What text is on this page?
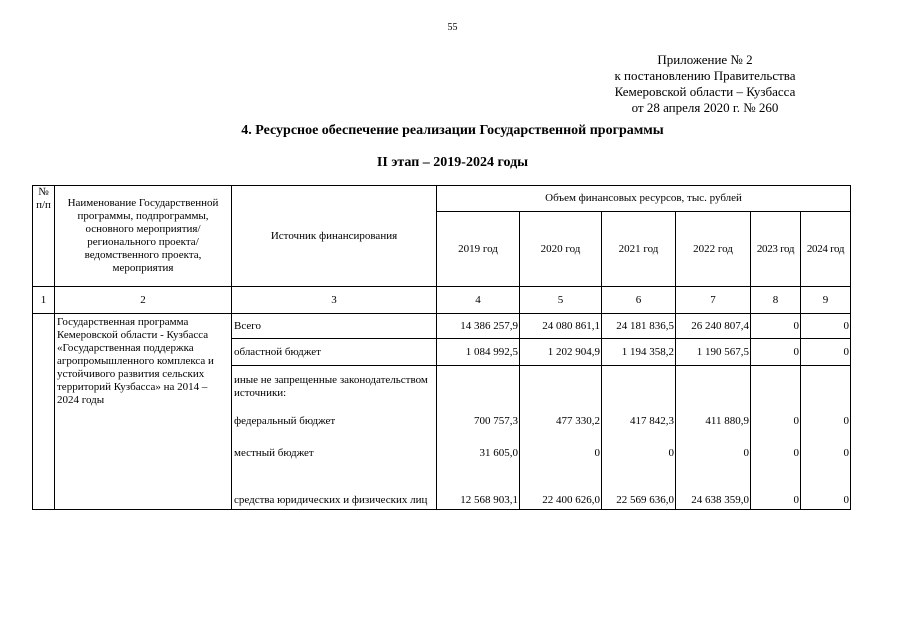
55
Приложение № 2
к постановлению Правительства
Кемеровской области – Кузбасса
от 28 апреля 2020 г. № 260
4. Ресурсное обеспечение реализации Государственной программы
II этап – 2019-2024 годы
№ п/п	Наименование Государственной программы, подпрограммы, основного мероприятия/регионального проекта/ведомственного проекта, мероприятия	Источник финансирования	Объем финансовых ресурсов, тыс. рублей					
			2019 год	2020 год	2021 год	2022 год	2023 год	2024 год
1	2	3	4	5	6	7	8	9
	Государственная программа Кемеровской области - Кузбасса «Государственная поддержка агропромышленного комплекса и устойчивого развития сельских территорий Кузбасса» на 2014 – 2024 годы	Всего	14 386 257,9	24 080 861,1	24 181 836,5	26 240 807,4	0	0
		областной бюджет	1 084 992,5	1 202 904,9	1 194 358,2	1 190 567,5	0	0
		иные не запрещенные законодательством источники:						
		федеральный бюджет	700 757,3	477 330,2	417 842,3	411 880,9	0	0
		местный бюджет	31 605,0	0	0	0	0	0
		средства юридических и физических лиц	12 568 903,1	22 400 626,0	22 569 636,0	24 638 359,0	0	0
